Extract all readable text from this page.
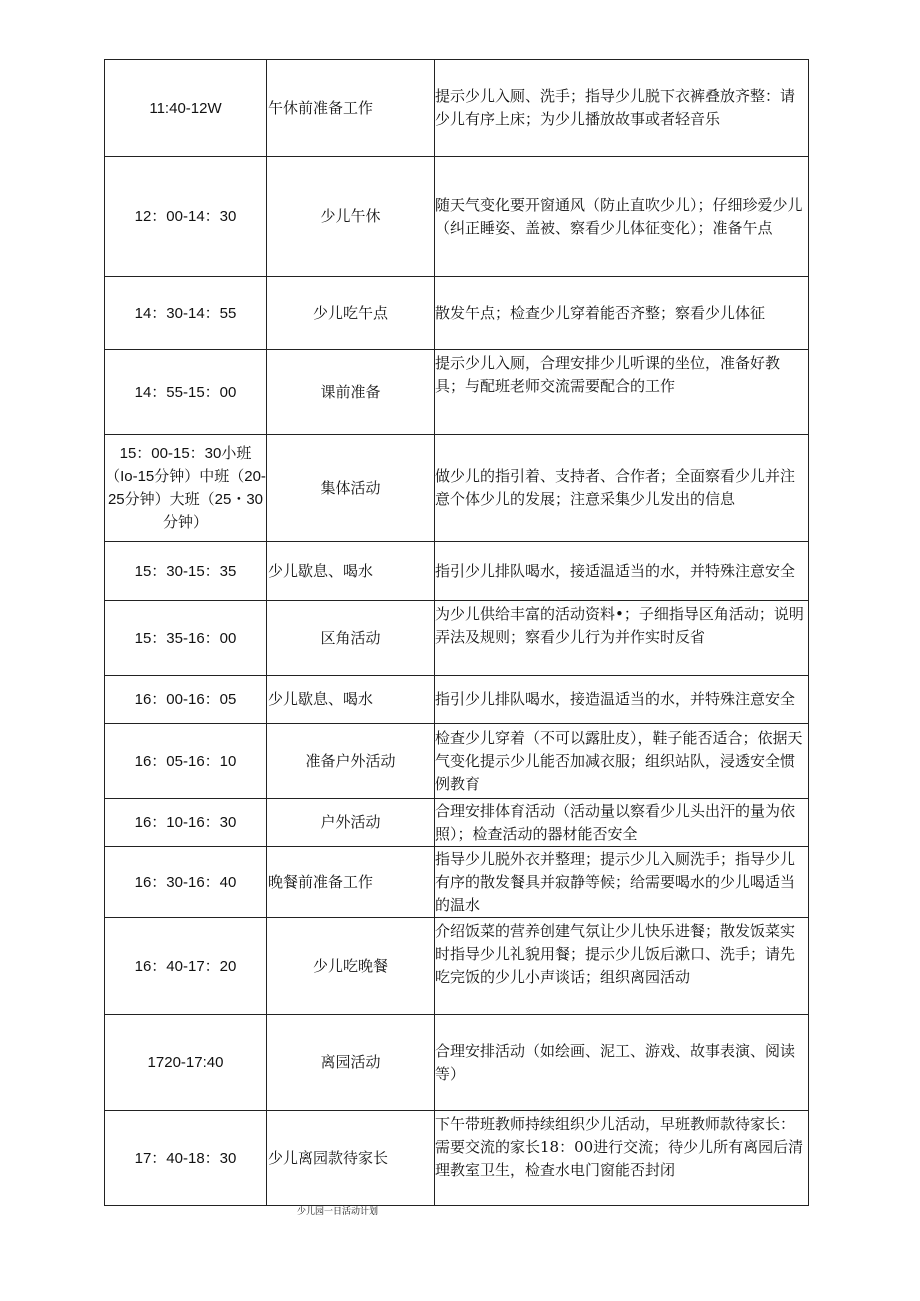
11:40-12W	午休前准备工作	提示少儿入厕、洗手；指导少儿脱下衣裤叠放齐整：请少儿有序上床；为少儿播放故事或者轻音乐
12：00-14：30	少儿午休	随天气变化要开窗通风（防止直吹少儿）；仔细珍爱少儿（纠正睡姿、盖被、察看少儿体征变化）；准备午点
14：30-14：55	少儿吃午点	散发午点；检查少儿穿着能否齐整；察看少儿体征
14：55-15：00	课前准备	提示少儿入厕，合理安排少儿听课的坐位，准备好教具；与配班老师交流需要配合的工作
15：00-15：30小班（Io-15分钟）中班（20-25分钟）大班（25・30分钟）	集体活动	做少儿的指引着、支持者、合作者；全面察看少儿并注意个体少儿的发展；注意采集少儿发出的信息
15：30-15：35	少儿歇息、喝水	指引少儿排队喝水，接适温适当的水，并特殊注意安全
15：35-16：00	区角活动	为少儿供给丰富的活动资料•；子细指导区角活动；说明弄法及规则；察看少儿行为并作实时反省
16：00-16：05	少儿歇息、喝水	指引少儿排队喝水，接造温适当的水，并特殊注意安全
16：05-16：10	准备户外活动	检查少儿穿着（不可以露肚皮），鞋子能否适合；依据天气变化提示少儿能否加减衣服；组织站队，浸透安全惯例教育
16：10-16：30	户外活动	合理安排体育活动（活动量以察看少儿头出汗的量为依照）；检查活动的器材能否安全
16：30-16：40	晚餐前准备工作	指导少儿脱外衣并整理；提示少儿入厕洗手；指导少儿有序的散发餐具并寂静等候；给需要喝水的少儿喝适当的温水
16：40-17：20	少儿吃晚餐	介绍饭菜的营养创建气氛让少儿快乐进餐；散发饭菜实时指导少儿礼貌用餐；提示少儿饭后漱口、洗手；请先吃完饭的少儿小声谈话；组织离园活动
1720-17:40	离园活动	合理安排活动（如绘画、泥工、游戏、故事表演、阅读等）
17：40-18：30	少儿离园款待家长	下午带班教师持续组织少儿活动，早班教师款待家长：需要交流的家长18：00进行交流；待少儿所有离园后清理教室卫生，检查水电门窗能否封闭
少儿园一日活动计划
